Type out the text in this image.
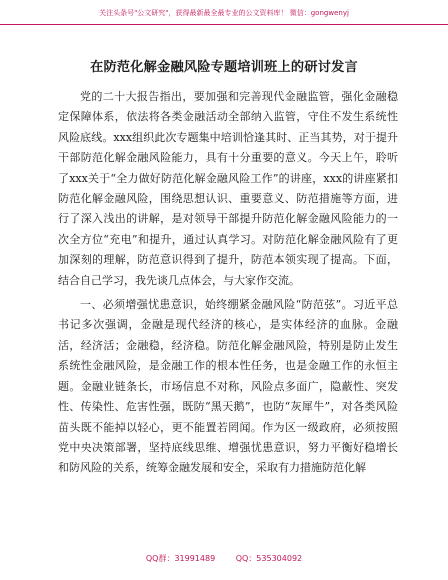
关注头条号"公文研究"，获得最新最全最专业的公文资料库！ 微信：gongwenyj
在防范化解金融风险专题培训班上的研讨发言

党的二十大报告指出，要加强和完善现代金融监管，强化金融稳定保障体系，依法将各类金融活动全部纳入监管，守住不发生系统性风险底线。xxx组织此次专题集中培训恰逢其时、正当其势，对于提升干部防范化解金融风险能力，具有十分重要的意义。今天上午，聆听了xxx关于“全力做好防范化解金融风险工作”的讲座，xxx的讲座紧扣防范化解金融风险，围绕思想认识、重要意义、防范措施等方面，进行了深入浅出的讲解，是对领导干部提升防范化解金融风险能力的一次全方位“充电”和提升，通过认真学习。对防范化解金融风险有了更加深刻的理解，防范意识得到了提升，防范本领实现了提高。下面，结合自己学习，我先谈几点体会，与大家作交流。

一、必须增强忧患意识，始终绷紧金融风险“防范弦”。习近平总书记多次强调，金融是现代经济的核心，是实体经济的血脉。金融活，经济活；金融稳，经济稳。防范化解金融风险，特别是防止发生系统性金融风险，是金融工作的根本性任务，也是金融工作的永恒主题。金融业链条长，市场信息不对称，风险点多面广，隐蔽性、突发性、传染性、危害性强，既防“黑天鹅”，也防“灰犀牛”，对各类风险苗头既不能掉以轻心，更不能置若罔闻。作为区一级政府，必须按照党中央决策部署，坚持底线思维、增强忧患意识，努力平衡好稳增长和防风险的关系，统筹金融发展和安全，采取有力措施防范化解

QQ群：31991489	QQ：535304092
